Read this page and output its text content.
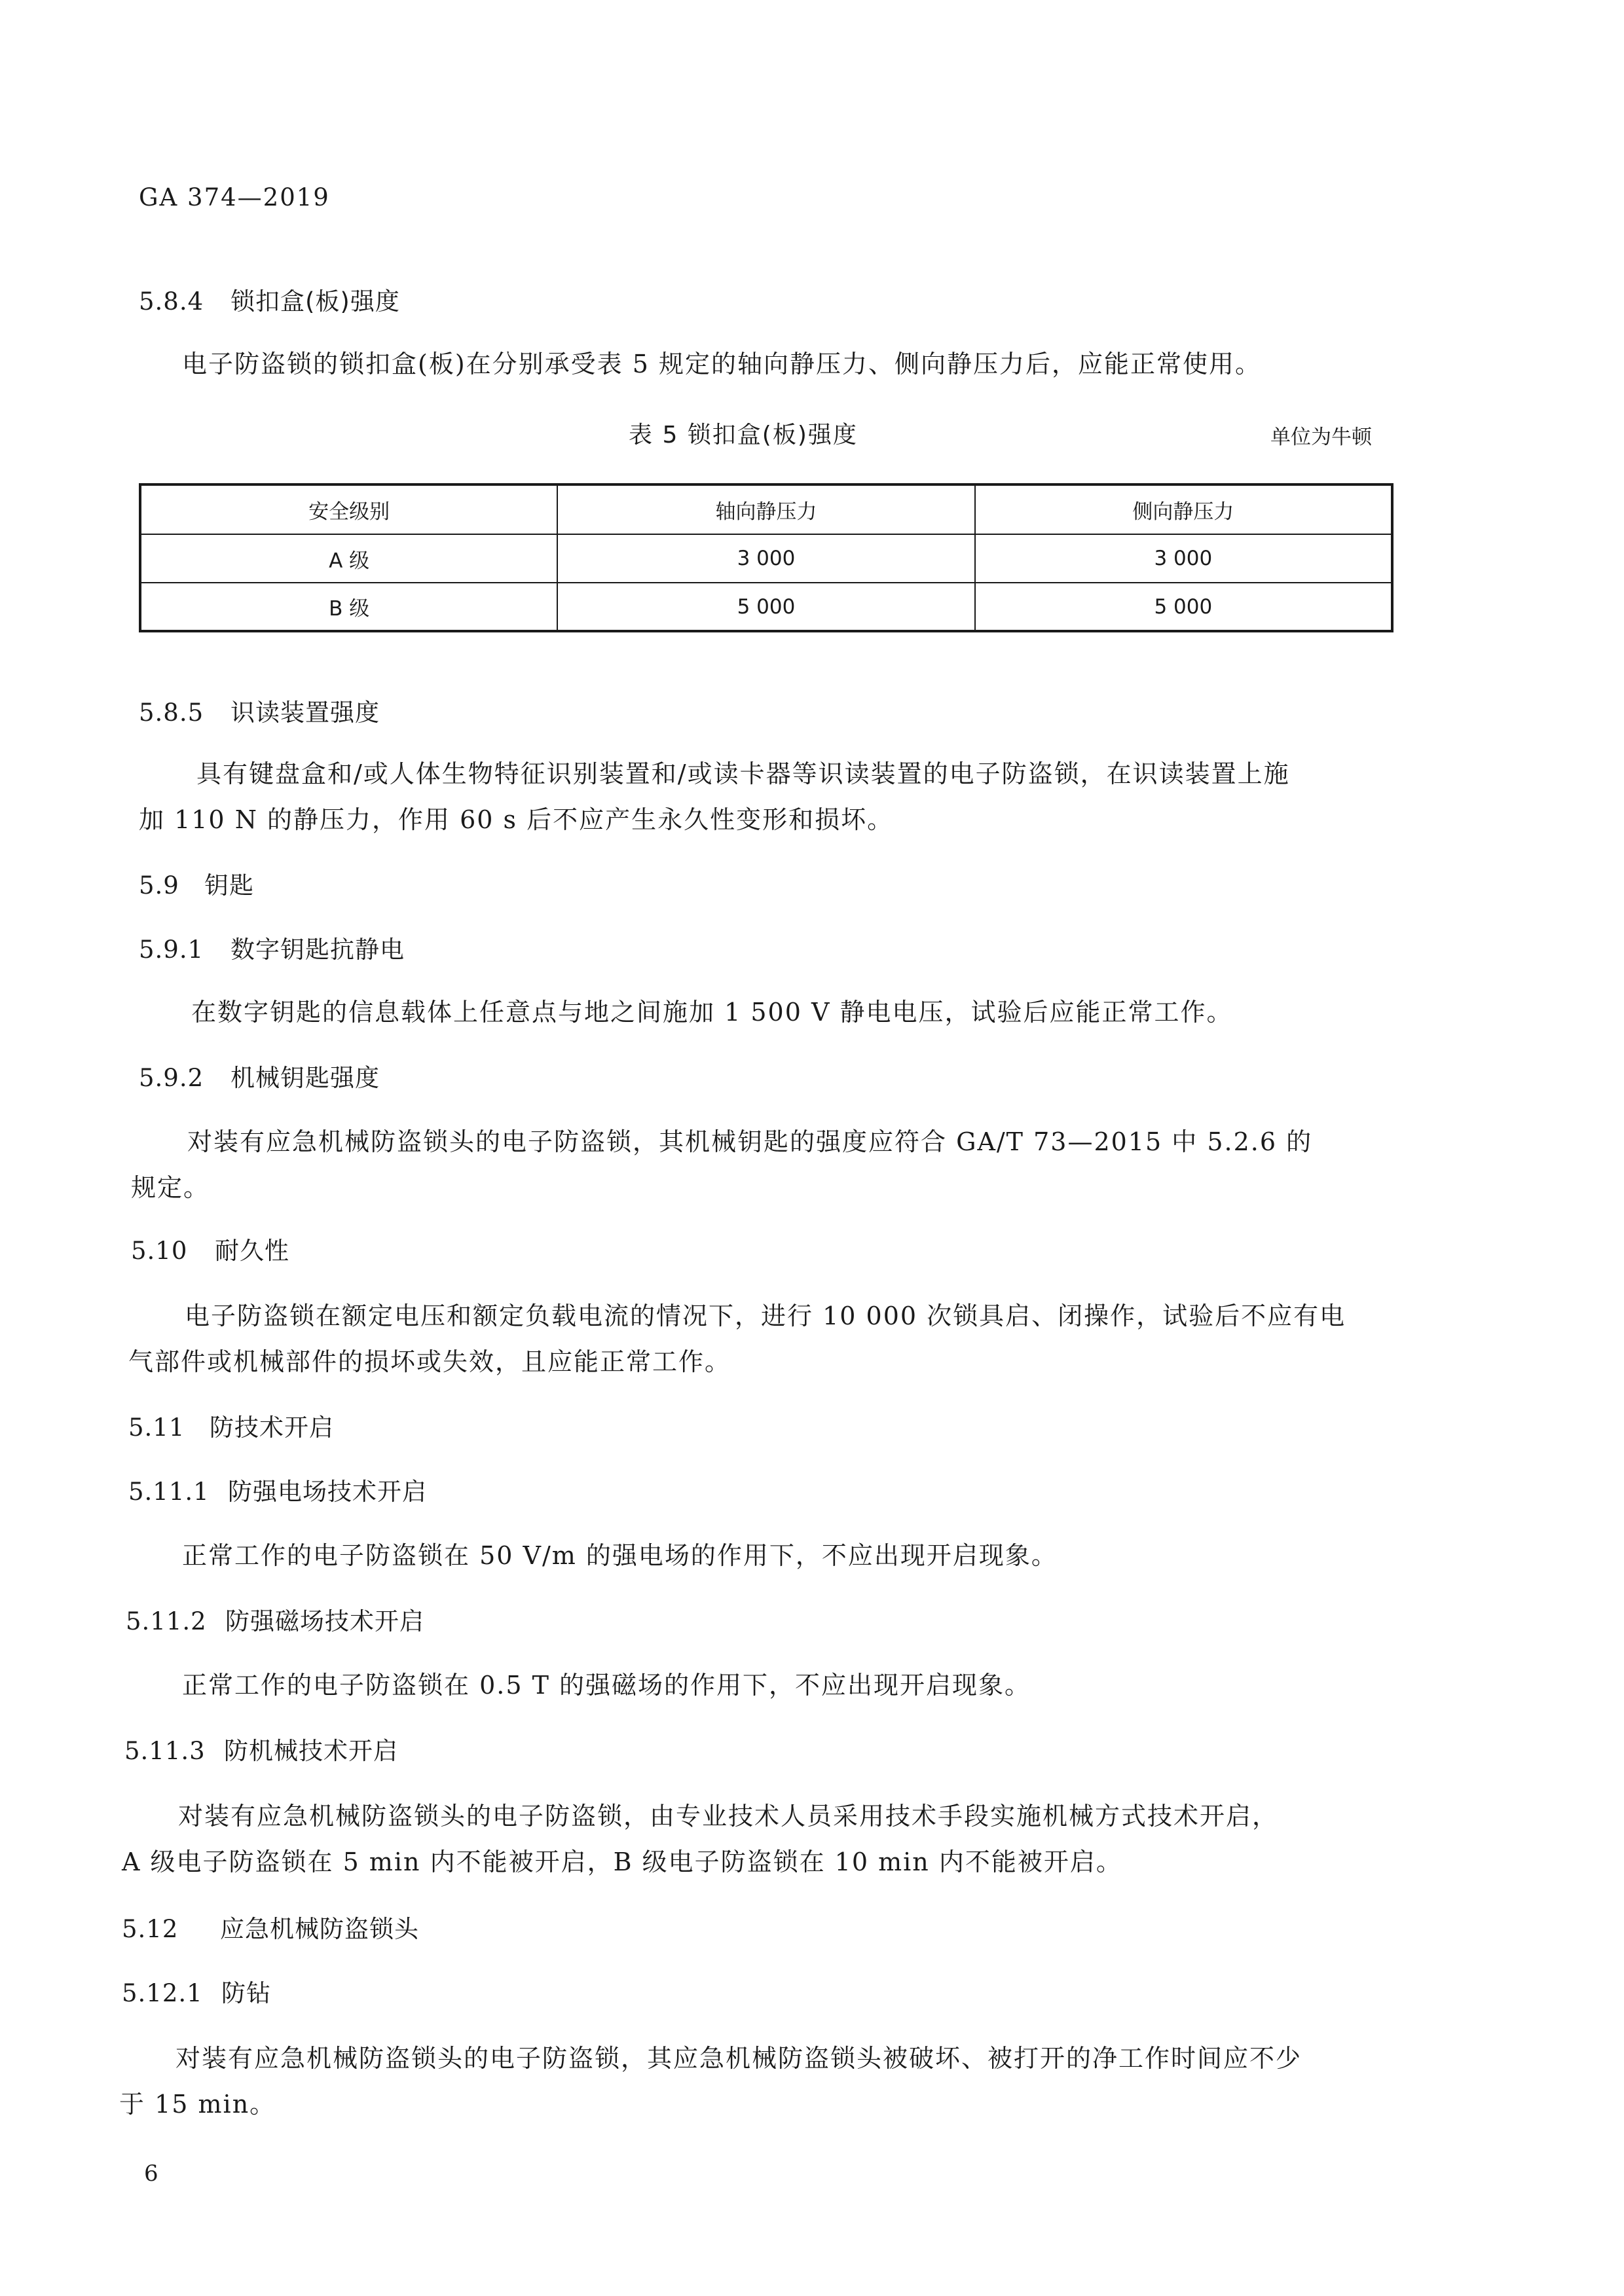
GA 374—2019
5.8.4 锁扣盒(板)强度
电子防盗锁的锁扣盒(板)在分别承受表 5 规定的轴向静压力、侧向静压力后，应能正常使用。
表 5 锁扣盒(板)强度	单位为牛顿
安全级别	轴向静压力	侧向静压力
A 级	3 000	3 000
B 级	5 000	5 000
5.8.5 识读装置强度
具有键盘盒和/或人体生物特征识别装置和/或读卡器等识读装置的电子防盗锁，在识读装置上施
加 110 N 的静压力，作用 60 s 后不应产生永久性变形和损坏。
5.9 钥匙
5.9.1 数字钥匙抗静电
在数字钥匙的信息载体上任意点与地之间施加 1 500 V 静电电压，试验后应能正常工作。
5.9.2 机械钥匙强度
对装有应急机械防盗锁头的电子防盗锁，其机械钥匙的强度应符合 GA/T 73—2015 中 5.2.6 的
规定。
5.10 耐久性
电子防盗锁在额定电压和额定负载电流的情况下，进行 10 000 次锁具启、闭操作，试验后不应有电
气部件或机械部件的损坏或失效，且应能正常工作。
5.11 防技术开启
5.11.1 防强电场技术开启
正常工作的电子防盗锁在 50 V/m 的强电场的作用下，不应出现开启现象。
5.11.2 防强磁场技术开启
正常工作的电子防盗锁在 0.5 T 的强磁场的作用下，不应出现开启现象。
5.11.3 防机械技术开启
对装有应急机械防盗锁头的电子防盗锁，由专业技术人员采用技术手段实施机械方式技术开启，
A 级电子防盗锁在 5 min 内不能被开启，B 级电子防盗锁在 10 min 内不能被开启。
5.12 应急机械防盗锁头
5.12.1 防钻
对装有应急机械防盗锁头的电子防盗锁，其应急机械防盗锁头被破坏、被打开的净工作时间应不少
于 15 min。
6
